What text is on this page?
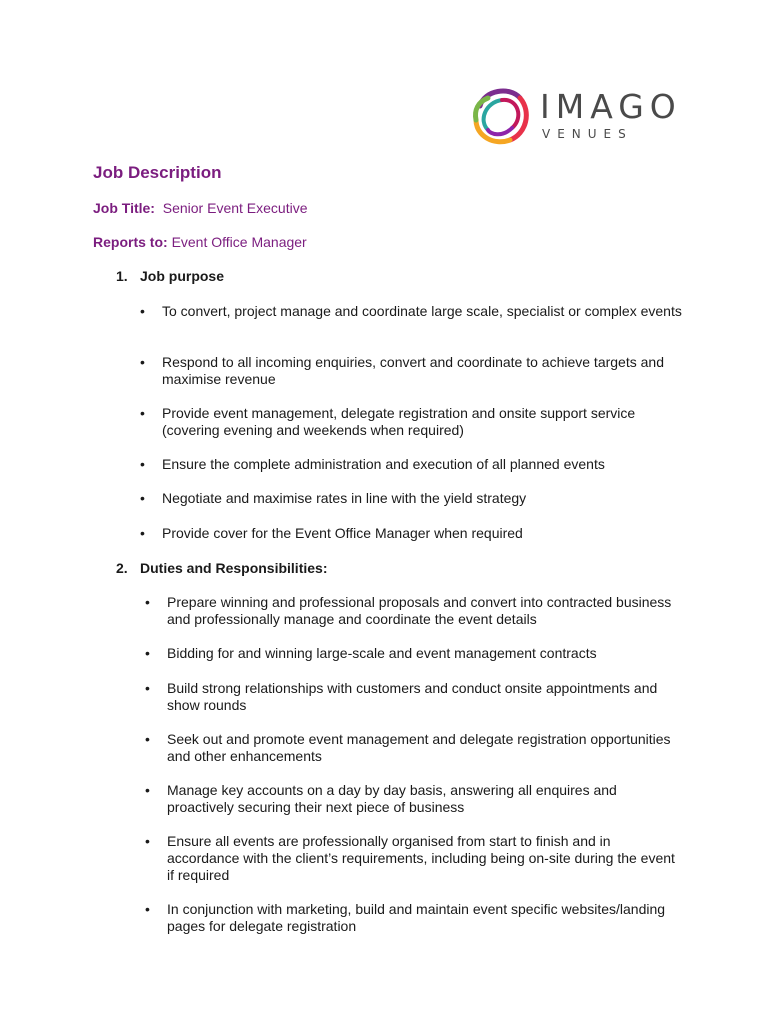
IMAGO
VENUES
Job Description
Job Title: Senior Event Executive
Reports to: Event Office Manager
1. Job purpose
• To convert, project manage and coordinate large scale, specialist or complex events
• Respond to all incoming enquiries, convert and coordinate to achieve targets and maximise revenue
• Provide event management, delegate registration and onsite support service (covering evening and weekends when required)
• Ensure the complete administration and execution of all planned events
• Negotiate and maximise rates in line with the yield strategy
• Provide cover for the Event Office Manager when required
2. Duties and Responsibilities:
• Prepare winning and professional proposals and convert into contracted business and professionally manage and coordinate the event details
• Bidding for and winning large-scale and event management contracts
• Build strong relationships with customers and conduct onsite appointments and show rounds
• Seek out and promote event management and delegate registration opportunities and other enhancements
• Manage key accounts on a day by day basis, answering all enquires and proactively securing their next piece of business
• Ensure all events are professionally organised from start to finish and in accordance with the client’s requirements, including being on-site during the event if required
• In conjunction with marketing, build and maintain event specific websites/landing pages for delegate registration
